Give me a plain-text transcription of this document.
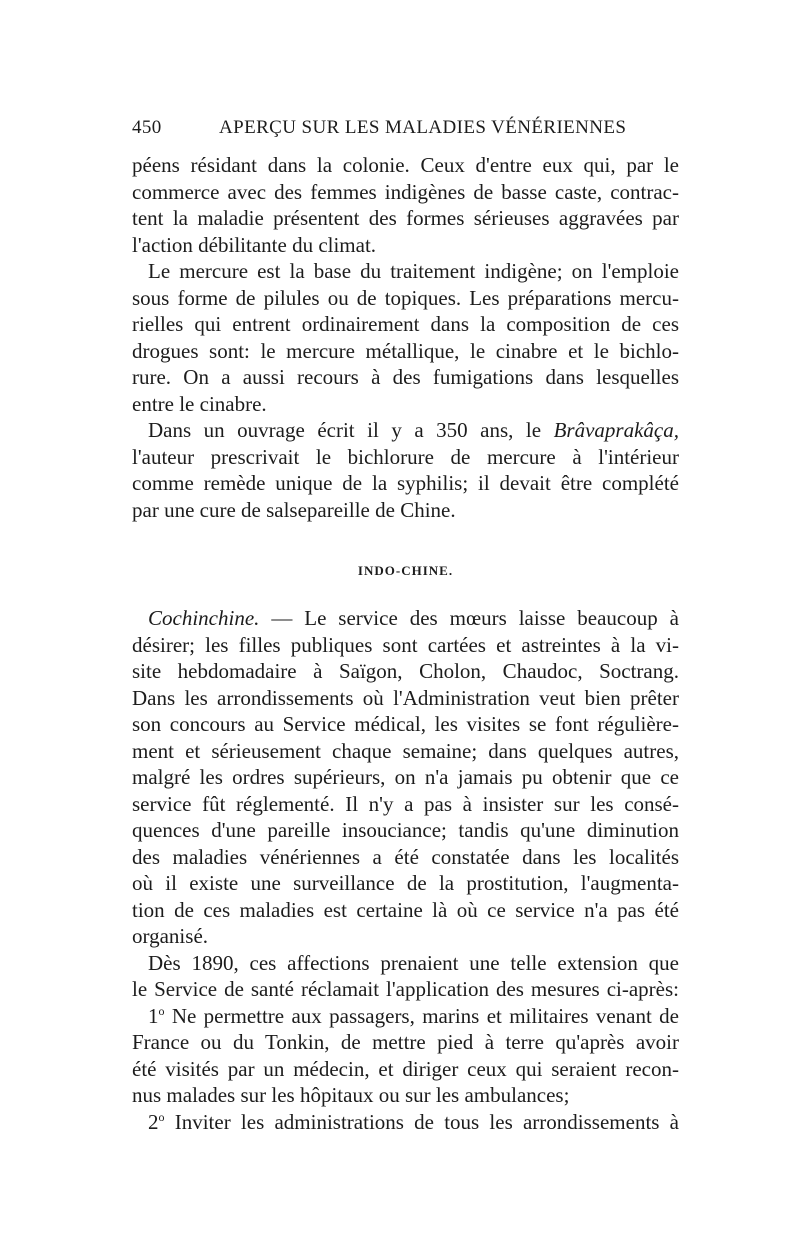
450	APERÇU SUR LES MALADIES VÉNÉRIENNES
péens résidant dans la colonie. Ceux d'entre eux qui, par le
commerce avec des femmes indigènes de basse caste, contrac-
tent la maladie présentent des formes sérieuses aggravées par
l'action débilitante du climat.
Le mercure est la base du traitement indigène; on l'emploie
sous forme de pilules ou de topiques. Les préparations mercu-
rielles qui entrent ordinairement dans la composition de ces
drogues sont: le mercure métallique, le cinabre et le bichlo-
rure. On a aussi recours à des fumigations dans lesquelles
entre le cinabre.
Dans un ouvrage écrit il y a 350 ans, le Brâvaprakâça,
l'auteur prescrivait le bichlorure de mercure à l'intérieur
comme remède unique de la syphilis; il devait être complété
par une cure de salsepareille de Chine.
INDO-CHINE.
Cochinchine. — Le service des mœurs laisse beaucoup à
désirer; les filles publiques sont cartées et astreintes à la vi-
site hebdomadaire à Saïgon, Cholon, Chaudoc, Soctrang.
Dans les arrondissements où l'Administration veut bien prêter
son concours au Service médical, les visites se font régulière-
ment et sérieusement chaque semaine; dans quelques autres,
malgré les ordres supérieurs, on n'a jamais pu obtenir que ce
service fût réglementé. Il n'y a pas à insister sur les consé-
quences d'une pareille insouciance; tandis qu'une diminution
des maladies vénériennes a été constatée dans les localités
où il existe une surveillance de la prostitution, l'augmenta-
tion de ces maladies est certaine là où ce service n'a pas été
organisé.
Dès 1890, ces affections prenaient une telle extension que
le Service de santé réclamait l'application des mesures ci-après:
1$^o$ Ne permettre aux passagers, marins et militaires venant de
France ou du Tonkin, de mettre pied à terre qu'après avoir
été visités par un médecin, et diriger ceux qui seraient recon-
nus malades sur les hôpitaux ou sur les ambulances;
2$^o$ Inviter les administrations de tous les arrondissements à
